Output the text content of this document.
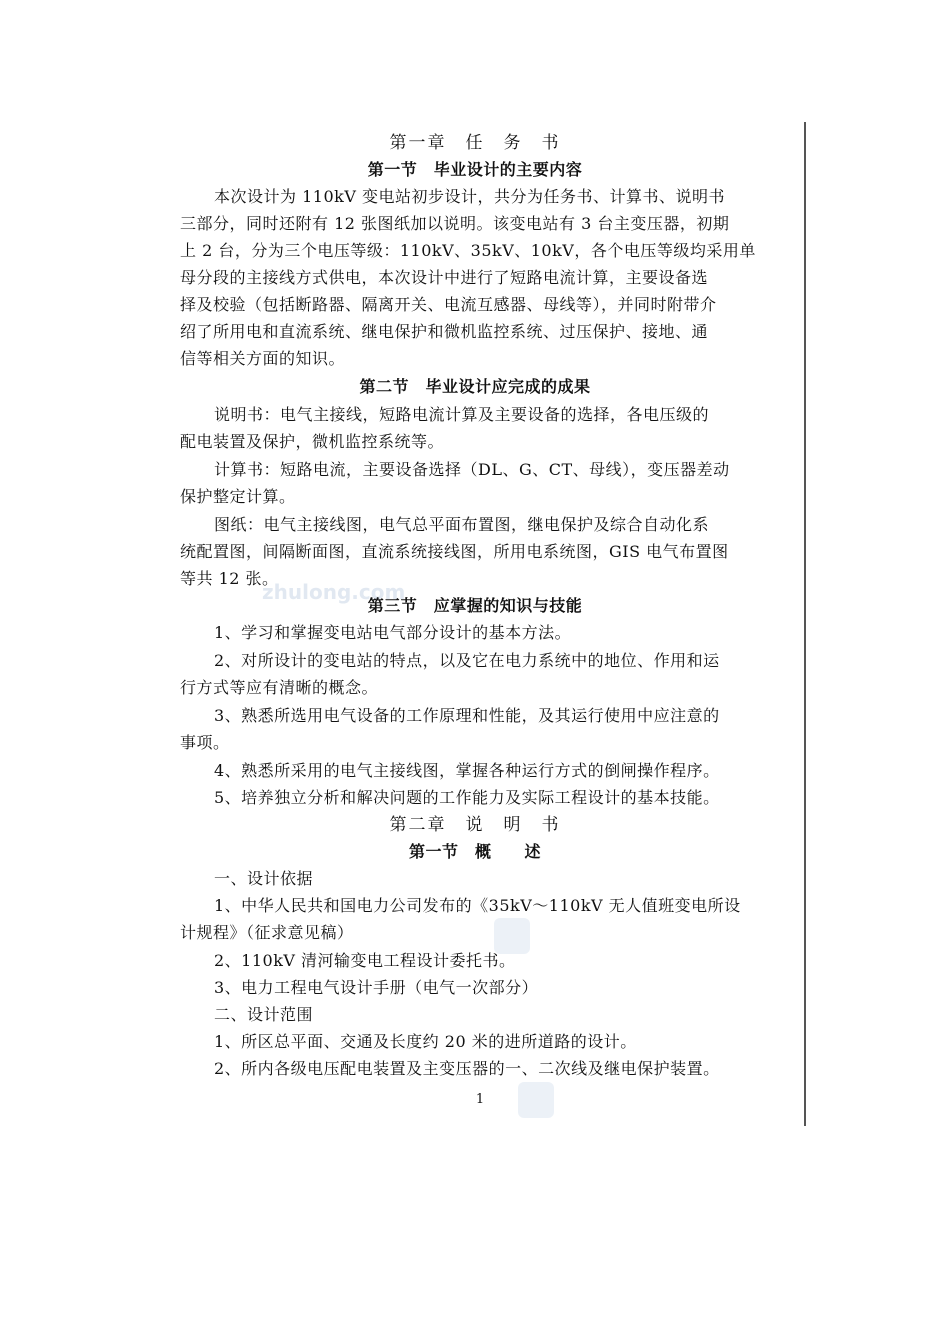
zhulong.com
第一章　任　务　书
第一节　毕业设计的主要内容
本次设计为 110kV 变电站初步设计，共分为任务书、计算书、说明书
三部分，同时还附有 12 张图纸加以说明。该变电站有 3 台主变压器，初期
上 2 台，分为三个电压等级：110kV、35kV、10kV，各个电压等级均采用单
母分段的主接线方式供电，本次设计中进行了短路电流计算，主要设备选
择及校验（包括断路器、隔离开关、电流互感器、母线等），并同时附带介
绍了所用电和直流系统、继电保护和微机监控系统、过压保护、接地、通
信等相关方面的知识。
第二节　毕业设计应完成的成果
说明书：电气主接线，短路电流计算及主要设备的选择，各电压级的
配电装置及保护，微机监控系统等。
计算书：短路电流，主要设备选择（DL、G、CT、母线），变压器差动
保护整定计算。
图纸：电气主接线图，电气总平面布置图，继电保护及综合自动化系
统配置图，间隔断面图，直流系统接线图，所用电系统图，GIS 电气布置图
等共 12 张。
第三节　应掌握的知识与技能
1、学习和掌握变电站电气部分设计的基本方法。
2、对所设计的变电站的特点，以及它在电力系统中的地位、作用和运
行方式等应有清晰的概念。
3、熟悉所选用电气设备的工作原理和性能，及其运行使用中应注意的
事项。
4、熟悉所采用的电气主接线图，掌握各种运行方式的倒闸操作程序。
5、培养独立分析和解决问题的工作能力及实际工程设计的基本技能。
第二章　说　明　书
第一节　概　　述
一、设计依据
1、中华人民共和国电力公司发布的《35kV～110kV 无人值班变电所设
计规程》（征求意见稿）
2、110kV 清河输变电工程设计委托书。
3、电力工程电气设计手册（电气一次部分）
二、设计范围
1、所区总平面、交通及长度约 20 米的进所道路的设计。
2、所内各级电压配电装置及主变压器的一、二次线及继电保护装置。
1
